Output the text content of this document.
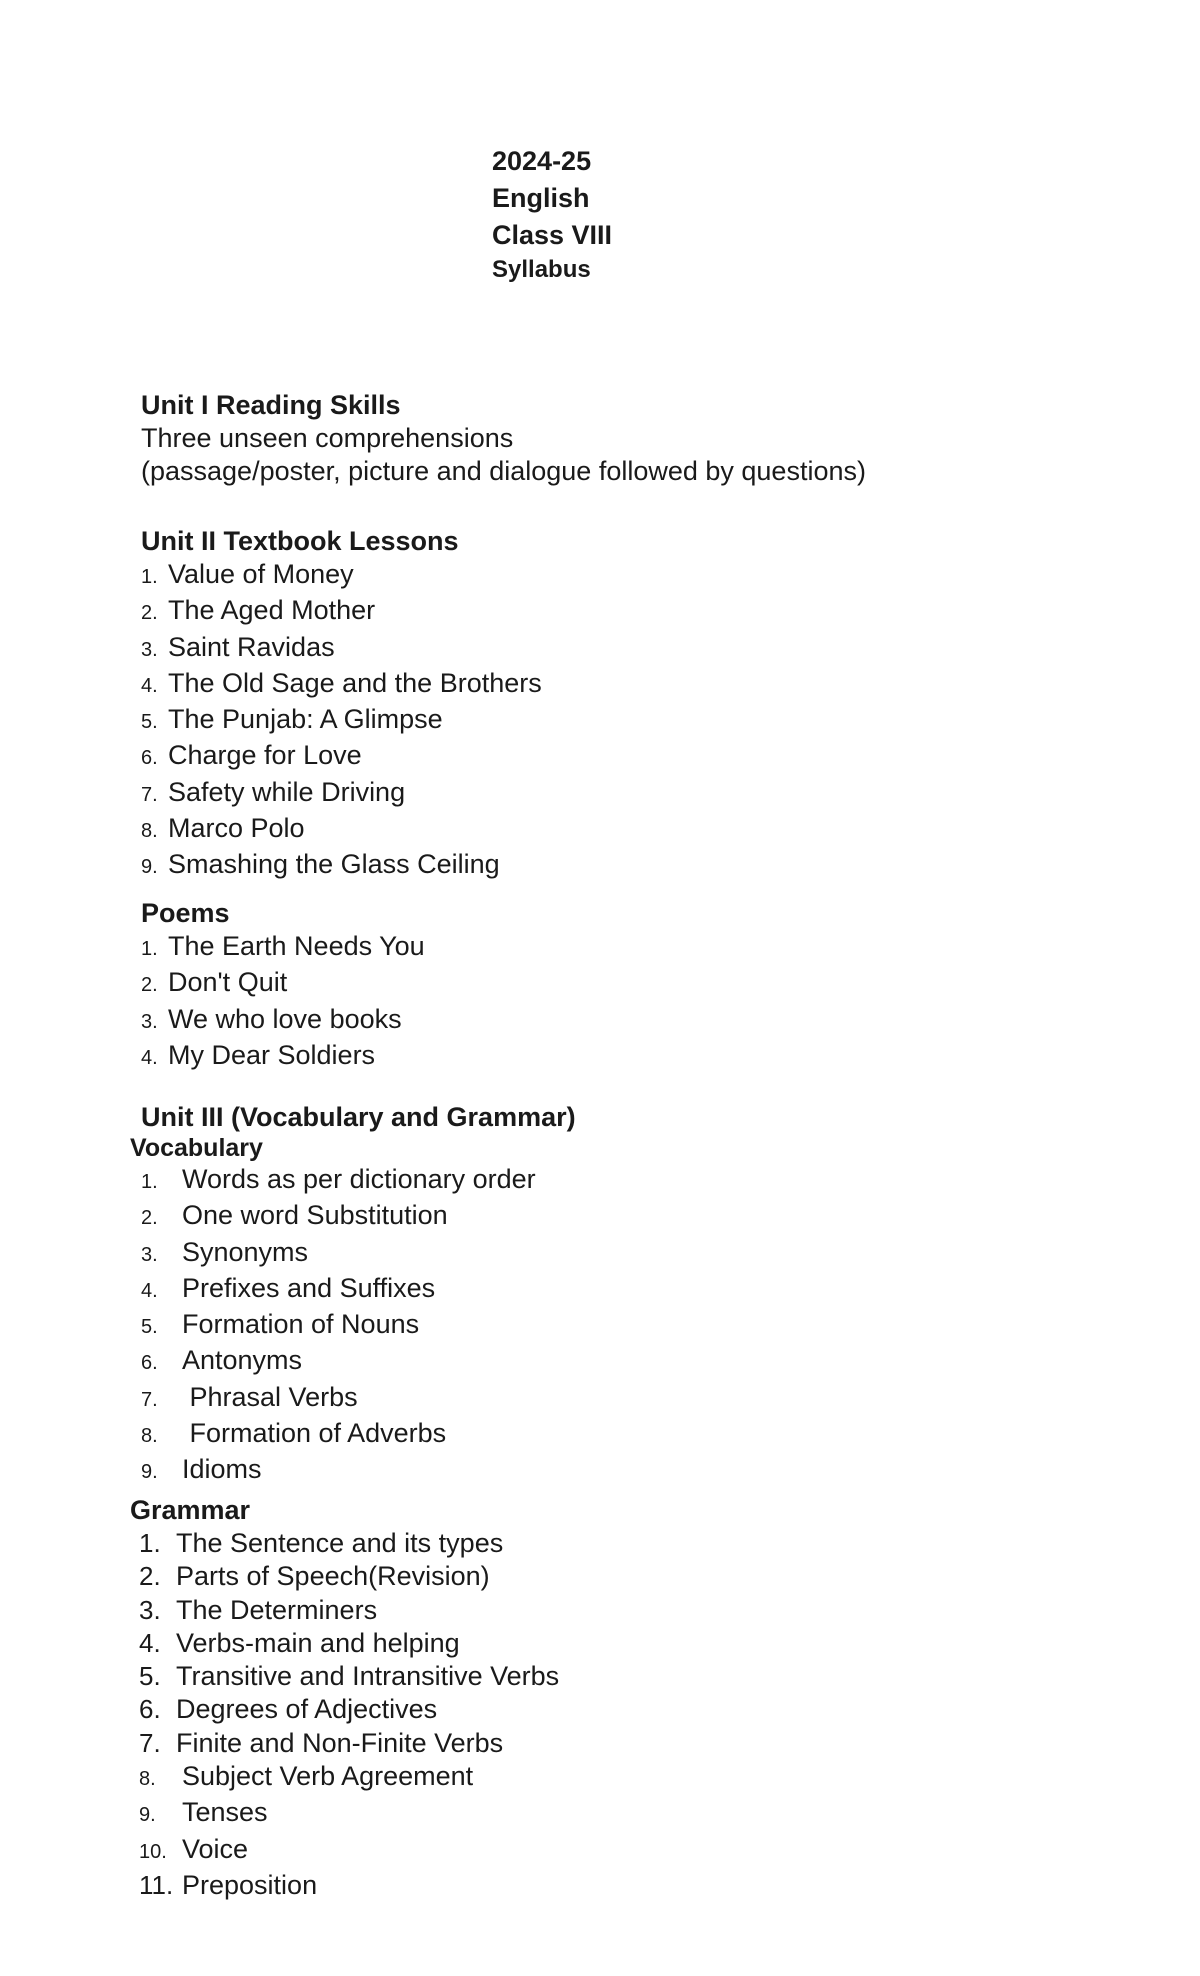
2024-25
English
Class VIII
Syllabus
Unit I Reading Skills
Three unseen comprehensions
(passage/poster, picture and dialogue followed by questions)
Unit II Textbook Lessons
1. Value of Money
2. The Aged Mother
3. Saint Ravidas
4. The Old Sage and the Brothers
5. The Punjab: A Glimpse
6. Charge for Love
7. Safety while Driving
8. Marco Polo
9. Smashing the Glass Ceiling
Poems
1. The Earth Needs You
2. Don't Quit
3. We who love books
4. My Dear Soldiers
Unit III (Vocabulary and Grammar)
Vocabulary
1. Words as per dictionary order
2. One word Substitution
3. Synonyms
4. Prefixes and Suffixes
5. Formation of Nouns
6. Antonyms
7. Phrasal Verbs
8. Formation of Adverbs
9. Idioms
Grammar
1. The Sentence and its types
2. Parts of Speech(Revision)
3. The Determiners
4. Verbs-main and helping
5. Transitive and Intransitive Verbs
6. Degrees of Adjectives
7. Finite and Non-Finite Verbs
8. Subject Verb Agreement
9. Tenses
10. Voice
11. Preposition
